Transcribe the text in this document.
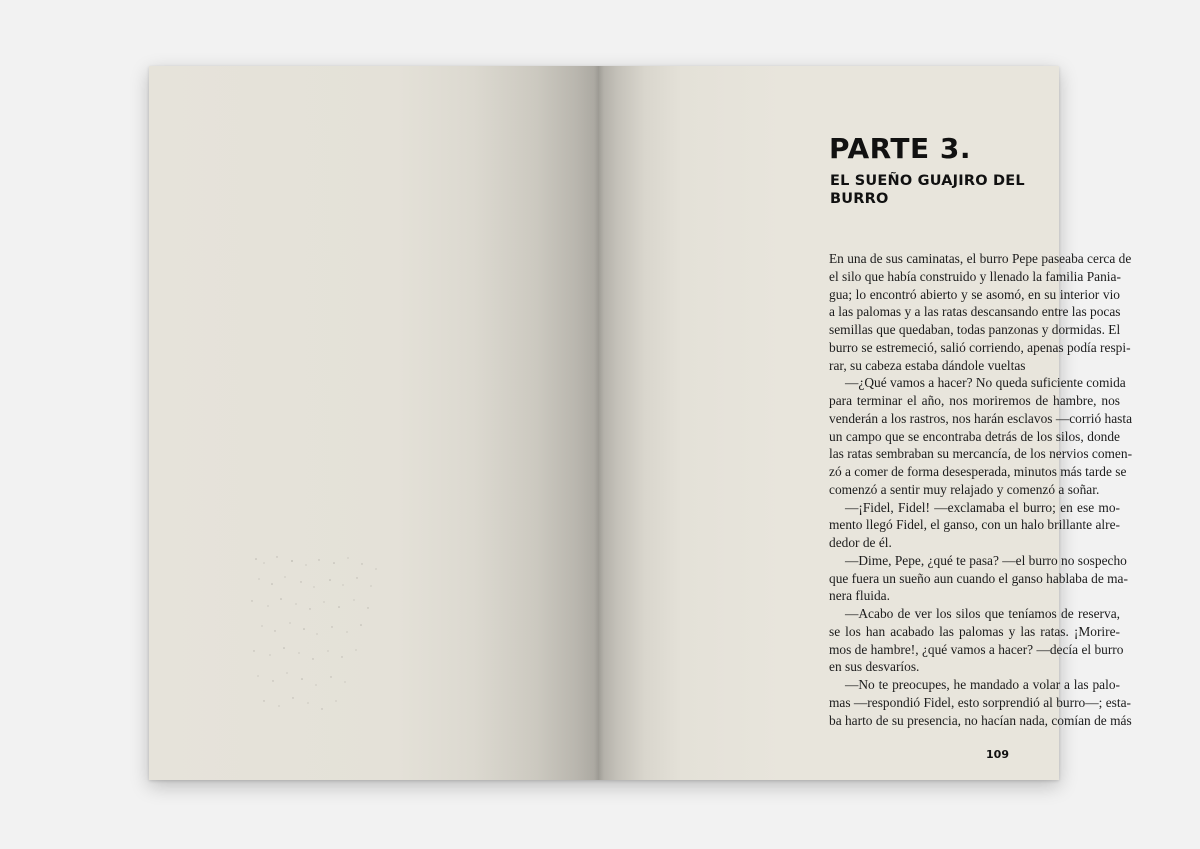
PARTE 3.
EL SUEÑO GUAJIRO DEL BURRO
En una de sus caminatas, el burro Pepe paseaba cerca de
el silo que había construido y llenado la familia Pania-
gua; lo encontró abierto y se asomó, en su interior vio
a las palomas y a las ratas descansando entre las pocas
semillas que quedaban, todas panzonas y dormidas. El
burro se estremeció, salió corriendo, apenas podía respi-
rar, su cabeza estaba dándole vueltas
—¿Qué vamos a hacer? No queda suficiente comida
para terminar el año, nos moriremos de hambre, nos
venderán a los rastros, nos harán esclavos —corrió hasta
un campo que se encontraba detrás de los silos, donde
las ratas sembraban su mercancía, de los nervios comen-
zó a comer de forma desesperada, minutos más tarde se
comenzó a sentir muy relajado y comenzó a soñar.
—¡Fidel, Fidel! —exclamaba el burro; en ese mo-
mento llegó Fidel, el ganso, con un halo brillante alre-
dedor de él.
—Dime, Pepe, ¿qué te pasa? —el burro no sospecho
que fuera un sueño aun cuando el ganso hablaba de ma-
nera fluida.
—Acabo de ver los silos que teníamos de reserva,
se los han acabado las palomas y las ratas. ¡Morire-
mos de hambre!, ¿qué vamos a hacer? —decía el burro
en sus desvaríos.
—No te preocupes, he mandado a volar a las palo-
mas —respondió Fidel, esto sorprendió al burro—; esta-
ba harto de su presencia, no hacían nada, comían de más
109
